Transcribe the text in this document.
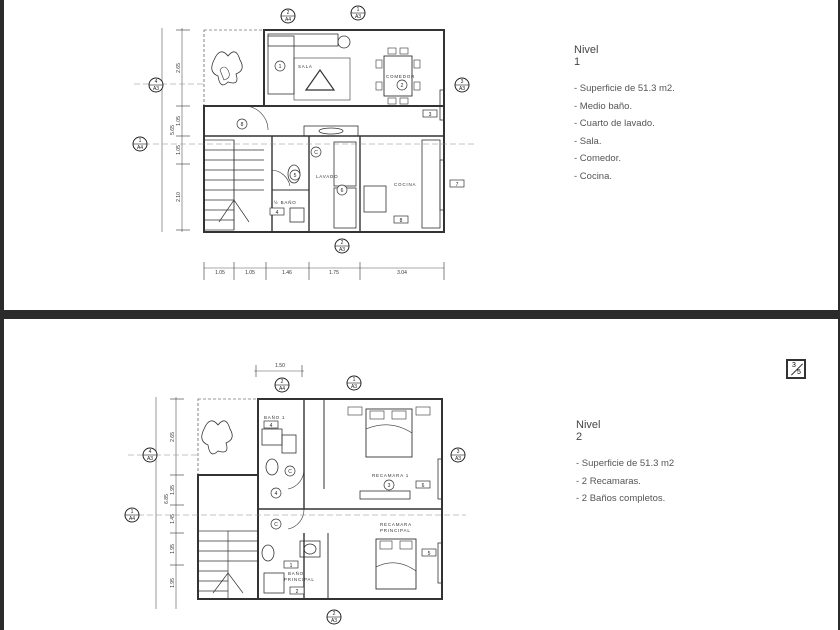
2
A4
1
A3
4
A3
3
A3
1
A4
2
A3
SALA
COMEDOR
LAVADO
COCINA
½ BAÑO
1.05	1.05	1.46	1.75	3.04
2.65
1.05
5.65
1.05
2.10
1
2
3
4
5
6
7
8
C
8
Nivel 1
- Superficie de 51.3 m2.
- Medio baño.
- Cuarto de lavado.
- Sala.
- Comedor.
- Cocina.
1
A3
2
A4
4
A3
3
A3
1
A4
2
A3
BAÑO 1
RECAMARA 1
RECAMARA
PRINCIPAL
BAÑO
PRINCIPAL
1.50
2.65
1.95
6.85
1.45
1.95
1.95
1
2
3
4
5
6
C
4
C
3
5
Nivel 2
- Superficie de 51.3 m2
- 2 Recamaras.
- 2 Baños completos.
